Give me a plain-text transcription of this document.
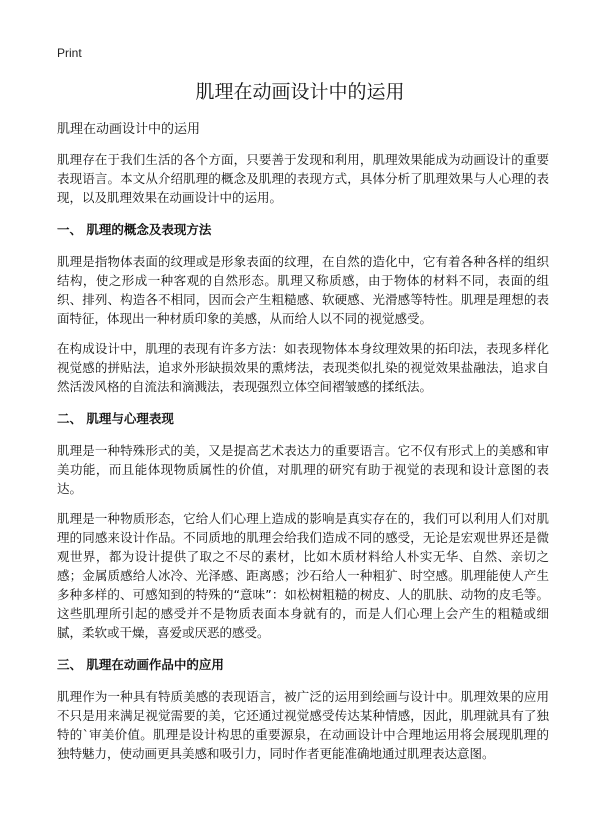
Print
肌理在动画设计中的运用

肌理在动画设计中的运用

肌理存在于我们生活的各个方面，只要善于发现和利用，肌理效果能成为动画设计的重要表现语言。本文从介绍肌理的概念及肌理的表现方式，具体分析了肌理效果与人心理的表现，以及肌理效果在动画设计中的运用。

一、 肌理的概念及表现方法

肌理是指物体表面的纹理或是形象表面的纹理，在自然的造化中，它有着各种各样的组织结构，使之形成一种客观的自然形态。肌理又称质感，由于物体的材料不同，表面的组织、排列、构造各不相同，因而会产生粗糙感、软硬感、光滑感等特性。肌理是理想的表面特征，体现出一种材质印象的美感，从而给人以不同的视觉感受。

在构成设计中，肌理的表现有许多方法：如表现物体本身纹理效果的拓印法，表现多样化视觉感的拼贴法，追求外形缺损效果的熏烤法，表现类似扎染的视觉效果盐融法，追求自然活泼风格的自流法和滴溅法，表现强烈立体空间褶皱感的揉纸法。

二、 肌理与心理表现

肌理是一种特殊形式的美，又是提高艺术表达力的重要语言。它不仅有形式上的美感和审美功能，而且能体现物质属性的价值，对肌理的研究有助于视觉的表现和设计意图的表达。

肌理是一种物质形态，它给人们心理上造成的影响是真实存在的，我们可以利用人们对肌理的同感来设计作品。不同质地的肌理会给我们造成不同的感受，无论是宏观世界还是微观世界，都为设计提供了取之不尽的素材，比如木质材料给人朴实无华、自然、亲切之感；金属质感给人冰冷、光泽感、距离感；沙石给人一种粗犷、时空感。肌理能使人产生多种多样的、可感知到的特殊的“意味”：如松树粗糙的树皮、人的肌肤、动物的皮毛等。这些肌理所引起的感受并不是物质表面本身就有的，而是人们心理上会产生的粗糙或细腻，柔软或干燥，喜爱或厌恶的感受。

三、 肌理在动画作品中的应用

肌理作为一种具有特质美感的表现语言，被广泛的运用到绘画与设计中。肌理效果的应用不只是用来满足视觉需要的美，它还通过视觉感受传达某种情感，因此，肌理就具有了独特的`审美价值。肌理是设计构思的重要源泉，在动画设计中合理地运用将会展现肌理的独特魅力，使动画更具美感和吸引力，同时作者更能准确地通过肌理表达意图。
